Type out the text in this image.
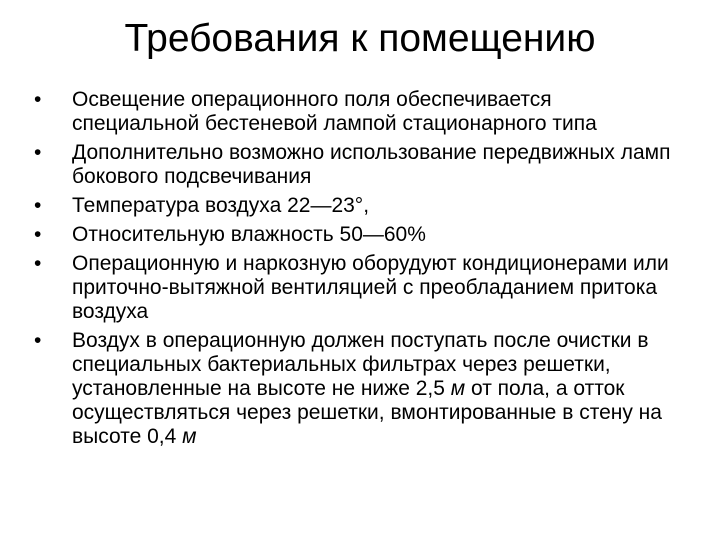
Требования к помещению
•	Освещение операционного поля обеспечивается специальной бестеневой лампой стационарного типа
•	Дополнительно возможно использование передвижных ламп бокового подсвечивания
•	Температура воздуха 22—23°,
•	Относительную влажность 50—60%
•	Операционную и наркозную оборудуют кондиционерами или приточно-вытяжной вентиляцией с преобладанием притока воздуха
•	Воздух в операционную должен поступать после очистки в специальных бактериальных фильтрах через решетки, установленные на высоте не ниже 2,5 м от пола, а отток осуществляться через решетки, вмонтированные в стену на высоте 0,4 м
